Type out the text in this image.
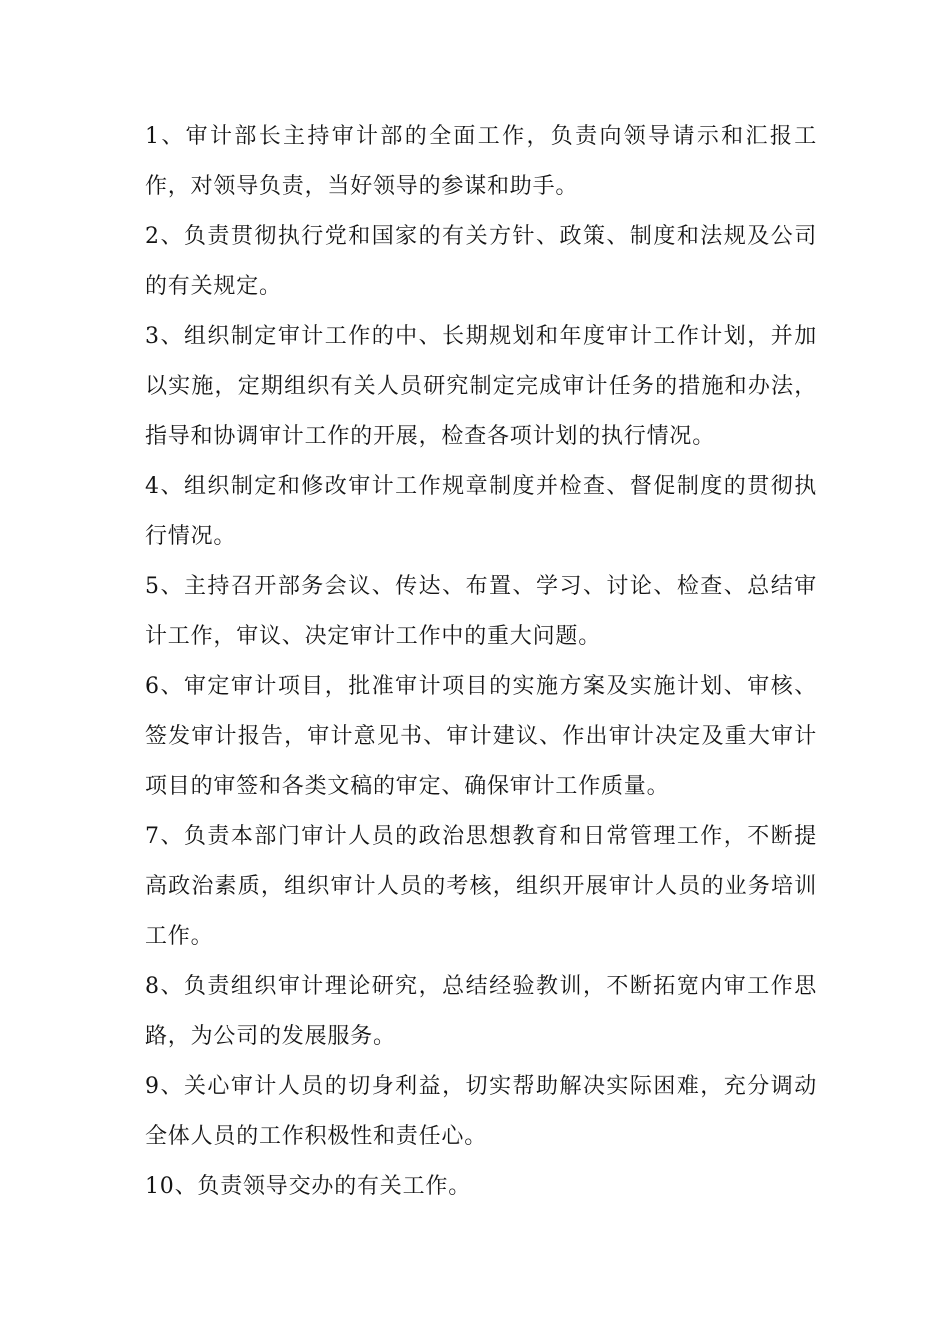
1、审计部长主持审计部的全面工作，负责向领导请示和汇报工作，对领导负责，当好领导的参谋和助手。

2、负责贯彻执行党和国家的有关方针、政策、制度和法规及公司的有关规定。

3、组织制定审计工作的中、长期规划和年度审计工作计划，并加以实施，定期组织有关人员研究制定完成审计任务的措施和办法，指导和协调审计工作的开展，检查各项计划的执行情况。

4、组织制定和修改审计工作规章制度并检查、督促制度的贯彻执行情况。

5、主持召开部务会议、传达、布置、学习、讨论、检查、总结审计工作，审议、决定审计工作中的重大问题。

6、审定审计项目，批准审计项目的实施方案及实施计划、审核、签发审计报告，审计意见书、审计建议、作出审计决定及重大审计项目的审签和各类文稿的审定、确保审计工作质量。

7、负责本部门审计人员的政治思想教育和日常管理工作，不断提高政治素质，组织审计人员的考核，组织开展审计人员的业务培训工作。

8、负责组织审计理论研究，总结经验教训，不断拓宽内审工作思路，为公司的发展服务。

9、关心审计人员的切身利益，切实帮助解决实际困难，充分调动全体人员的工作积极性和责任心。

10、负责领导交办的有关工作。
